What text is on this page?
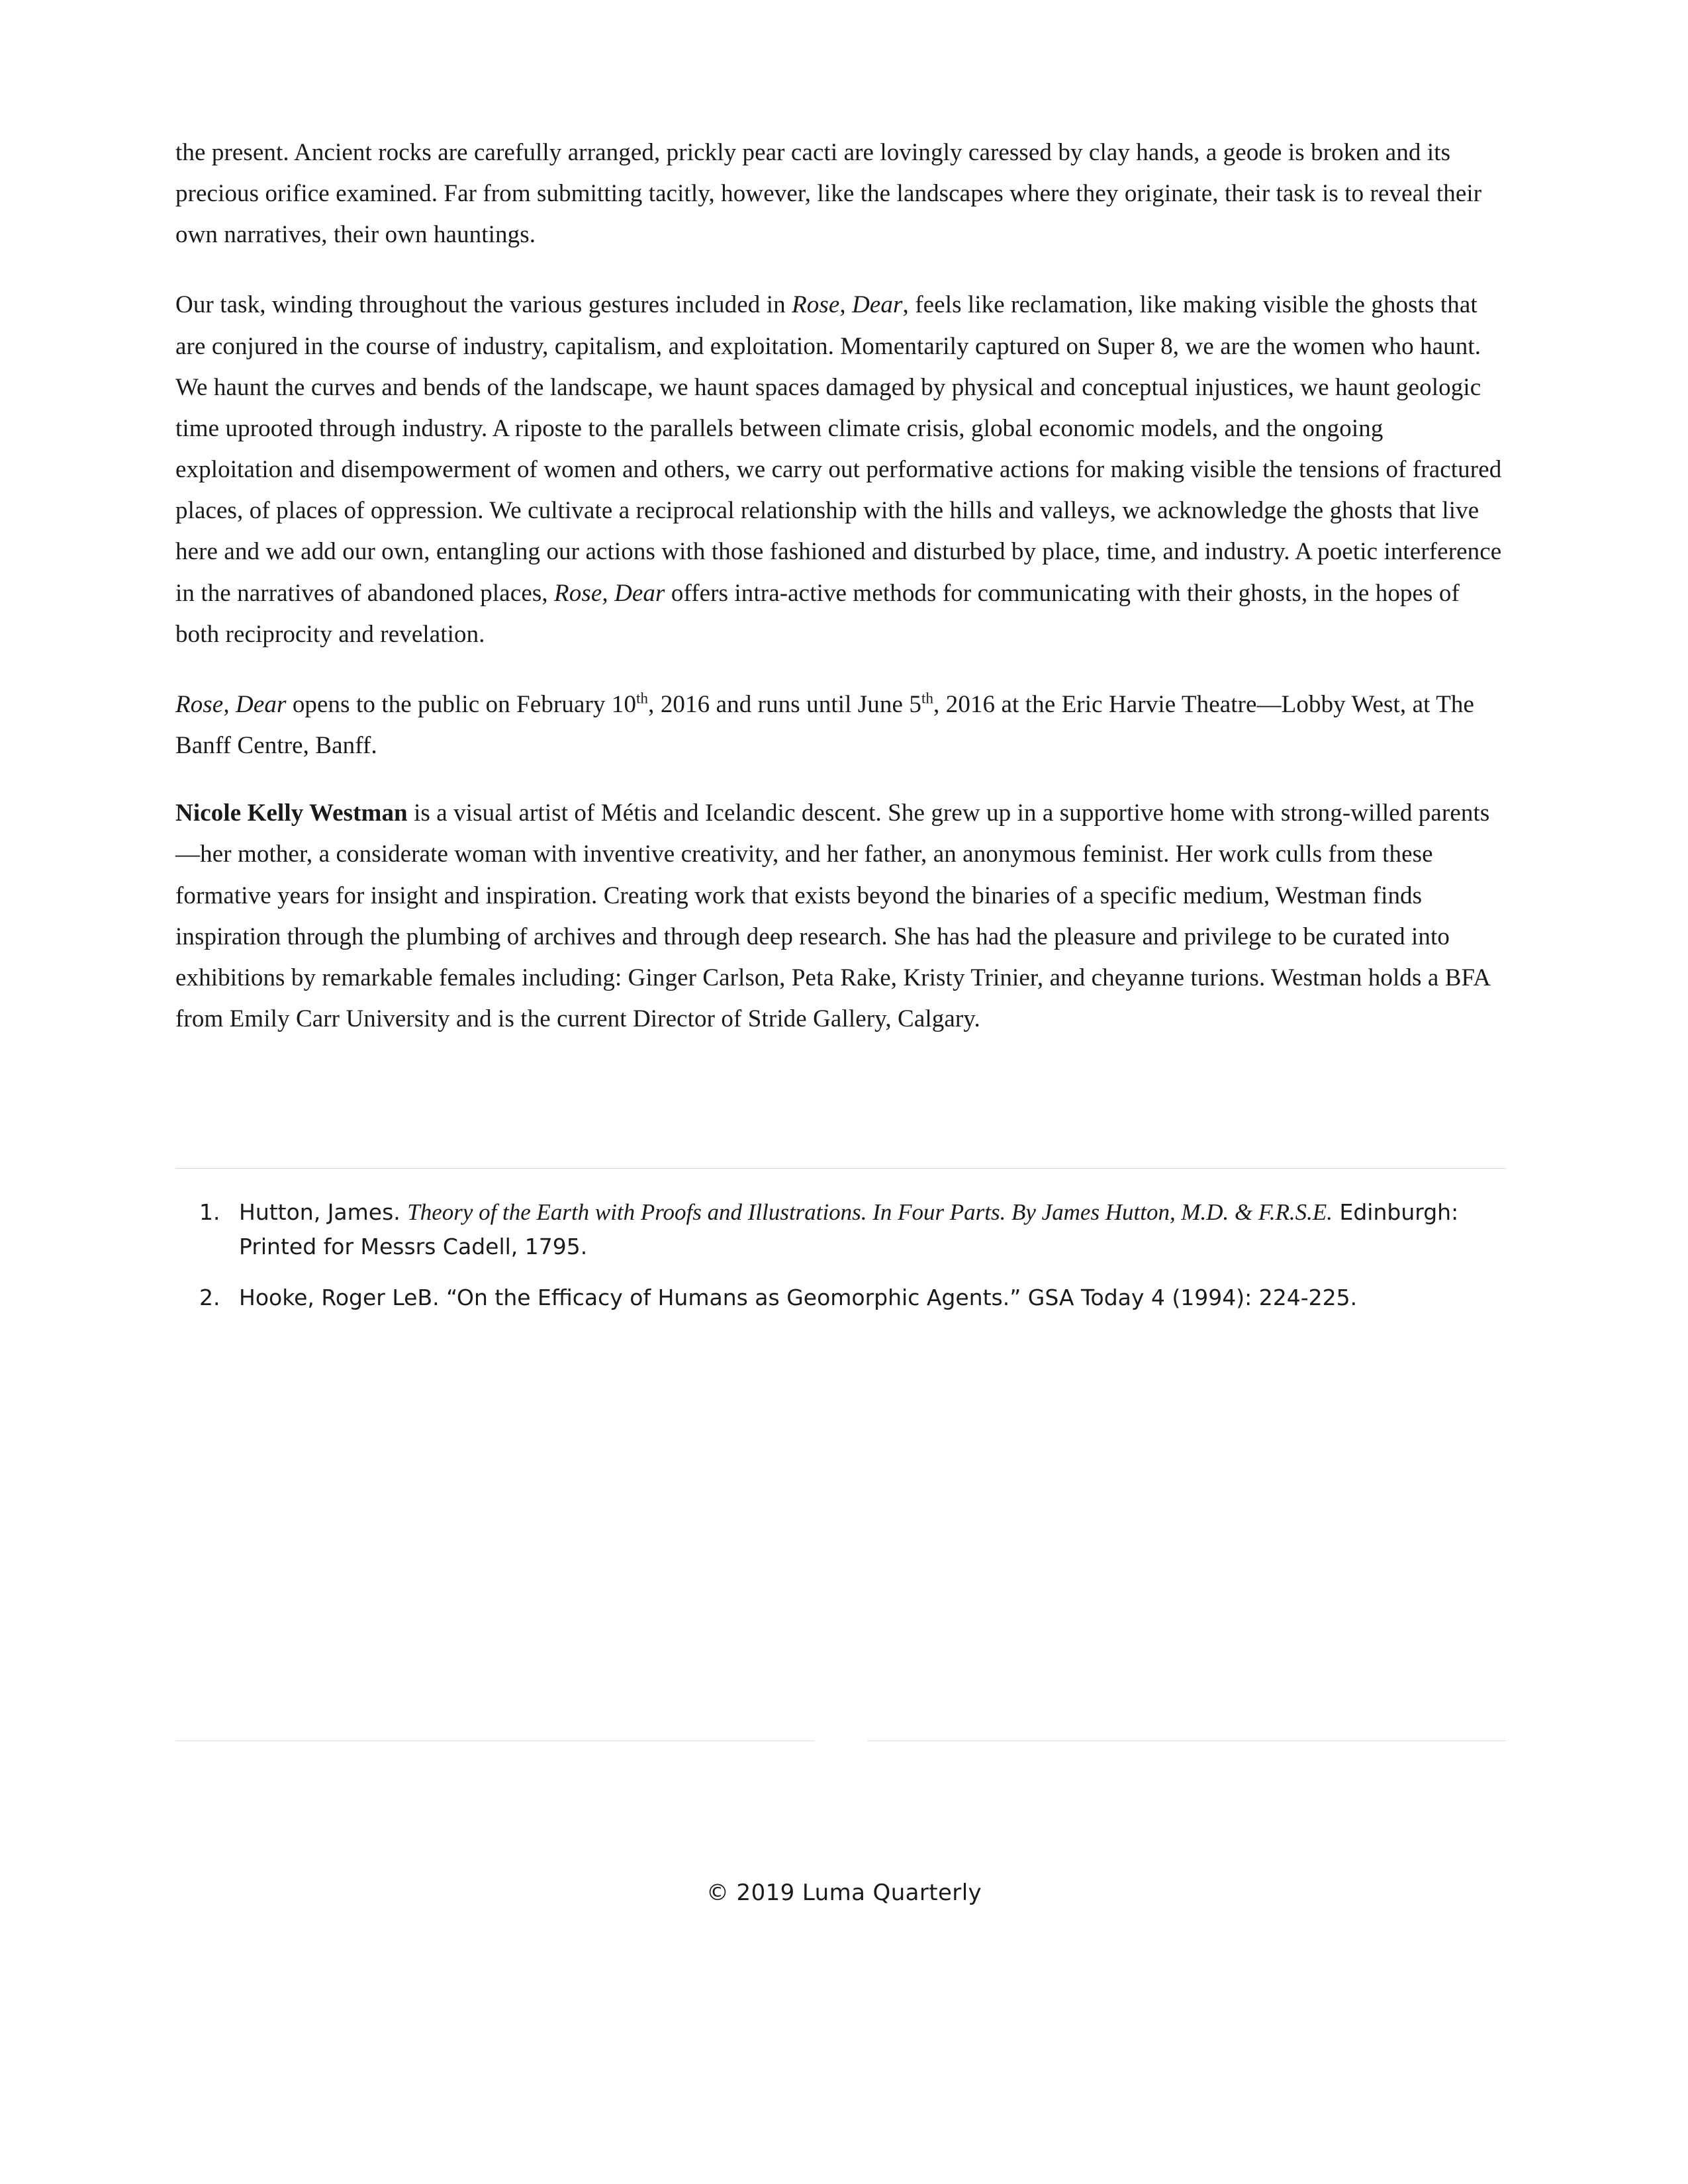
the present. Ancient rocks are carefully arranged, prickly pear cacti are lovingly caressed by clay hands, a geode is broken and its precious orifice examined. Far from submitting tacitly, however, like the landscapes where they originate, their task is to reveal their own narratives, their own hauntings.

Our task, winding throughout the various gestures included in Rose, Dear, feels like reclamation, like making visible the ghosts that are conjured in the course of industry, capitalism, and exploitation. Momentarily captured on Super 8, we are the women who haunt. We haunt the curves and bends of the landscape, we haunt spaces damaged by physical and conceptual injustices, we haunt geologic time uprooted through industry. A riposte to the parallels between climate crisis, global economic models, and the ongoing exploitation and disempowerment of women and others, we carry out performative actions for making visible the tensions of fractured places, of places of oppression. We cultivate a reciprocal relationship with the hills and valleys, we acknowledge the ghosts that live here and we add our own, entangling our actions with those fashioned and disturbed by place, time, and industry. A poetic interference in the narratives of abandoned places, Rose, Dear offers intra-active methods for communicating with their ghosts, in the hopes of both reciprocity and revelation.

Rose, Dear opens to the public on February 10th, 2016 and runs until June 5th, 2016 at the Eric Harvie Theatre—Lobby West, at The Banff Centre, Banff.

Nicole Kelly Westman is a visual artist of Métis and Icelandic descent. She grew up in a supportive home with strong-willed parents—her mother, a considerate woman with inventive creativity, and her father, an anonymous feminist. Her work culls from these formative years for insight and inspiration. Creating work that exists beyond the binaries of a specific medium, Westman finds inspiration through the plumbing of archives and through deep research. She has had the pleasure and privilege to be curated into exhibitions by remarkable females including: Ginger Carlson, Peta Rake, Kristy Trinier, and cheyanne turions. Westman holds a BFA from Emily Carr University and is the current Director of Stride Gallery, Calgary.

1. Hutton, James. Theory of the Earth with Proofs and Illustrations. In Four Parts. By James Hutton, M.D. & F.R.S.E. Edinburgh: Printed for Messrs Cadell, 1795.
2. Hooke, Roger LeB. “On the Efficacy of Humans as Geomorphic Agents.” GSA Today 4 (1994): 224-225.
© 2019 Luma Quarterly
